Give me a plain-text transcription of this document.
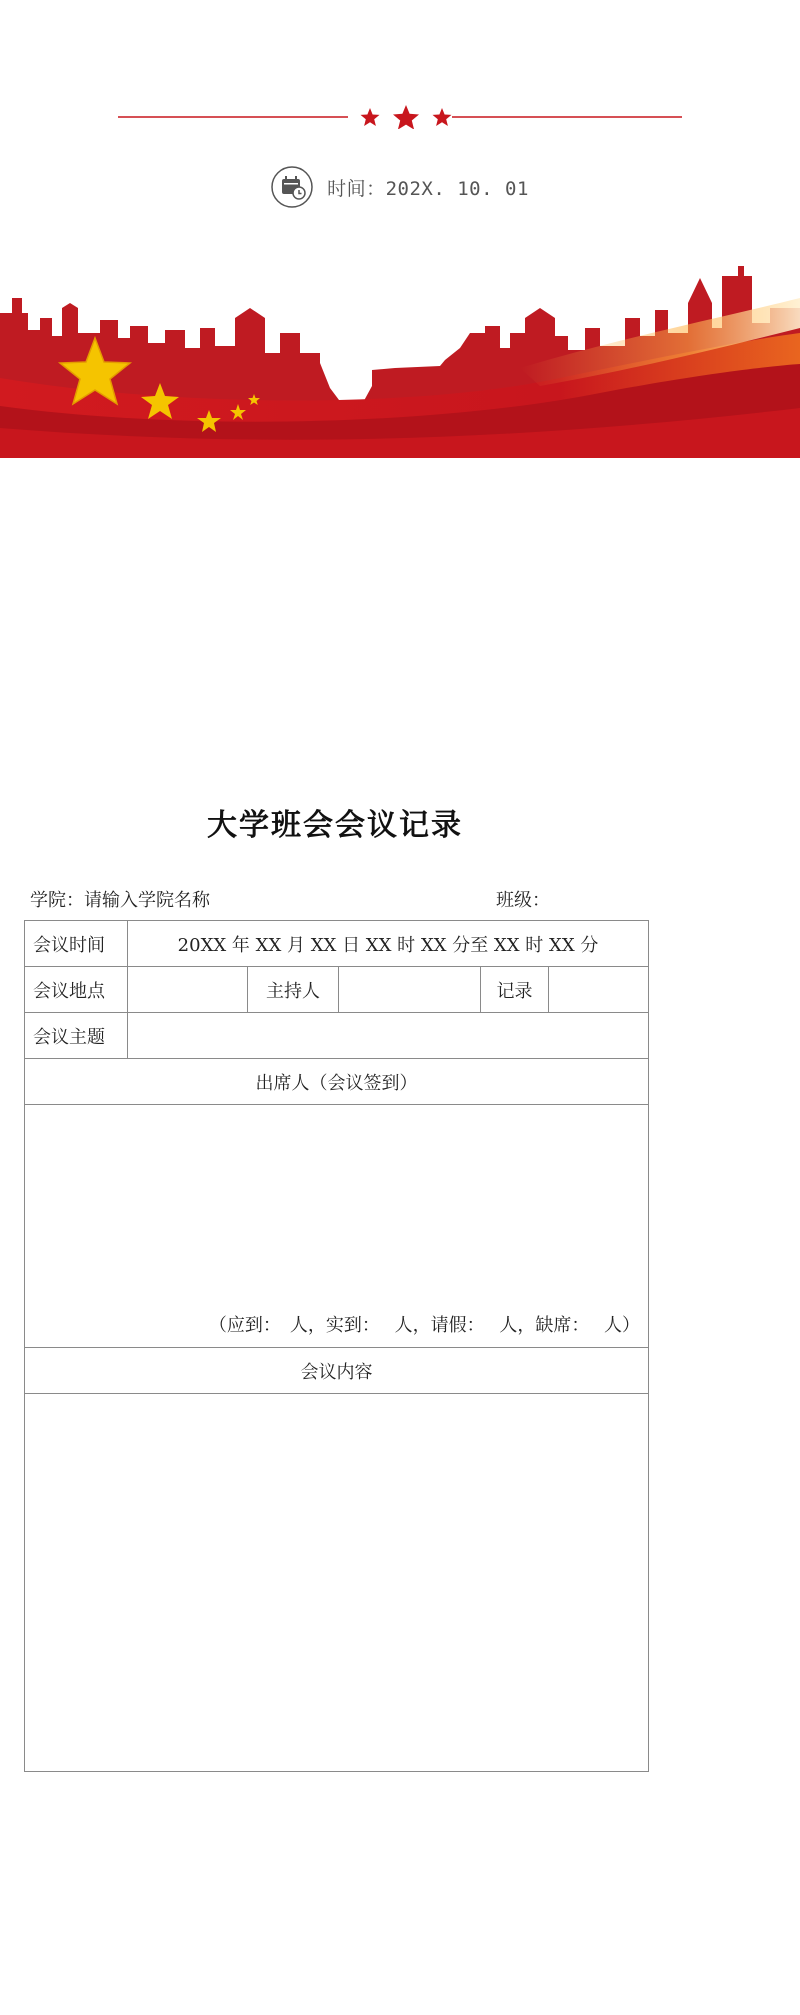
时间：202X. 10. 01
大学班会会议记录
学院：请输入学院名称	班级：
会议时间	20XX 年 XX 月 XX 日 XX 时 XX 分至 XX 时 XX 分				
会议地点		主持人		记录	
会议主题					
出席人（会议签到）					
（应到：　人，实到：　 人，请假：　 人，缺席：　 人）					
会议内容					
